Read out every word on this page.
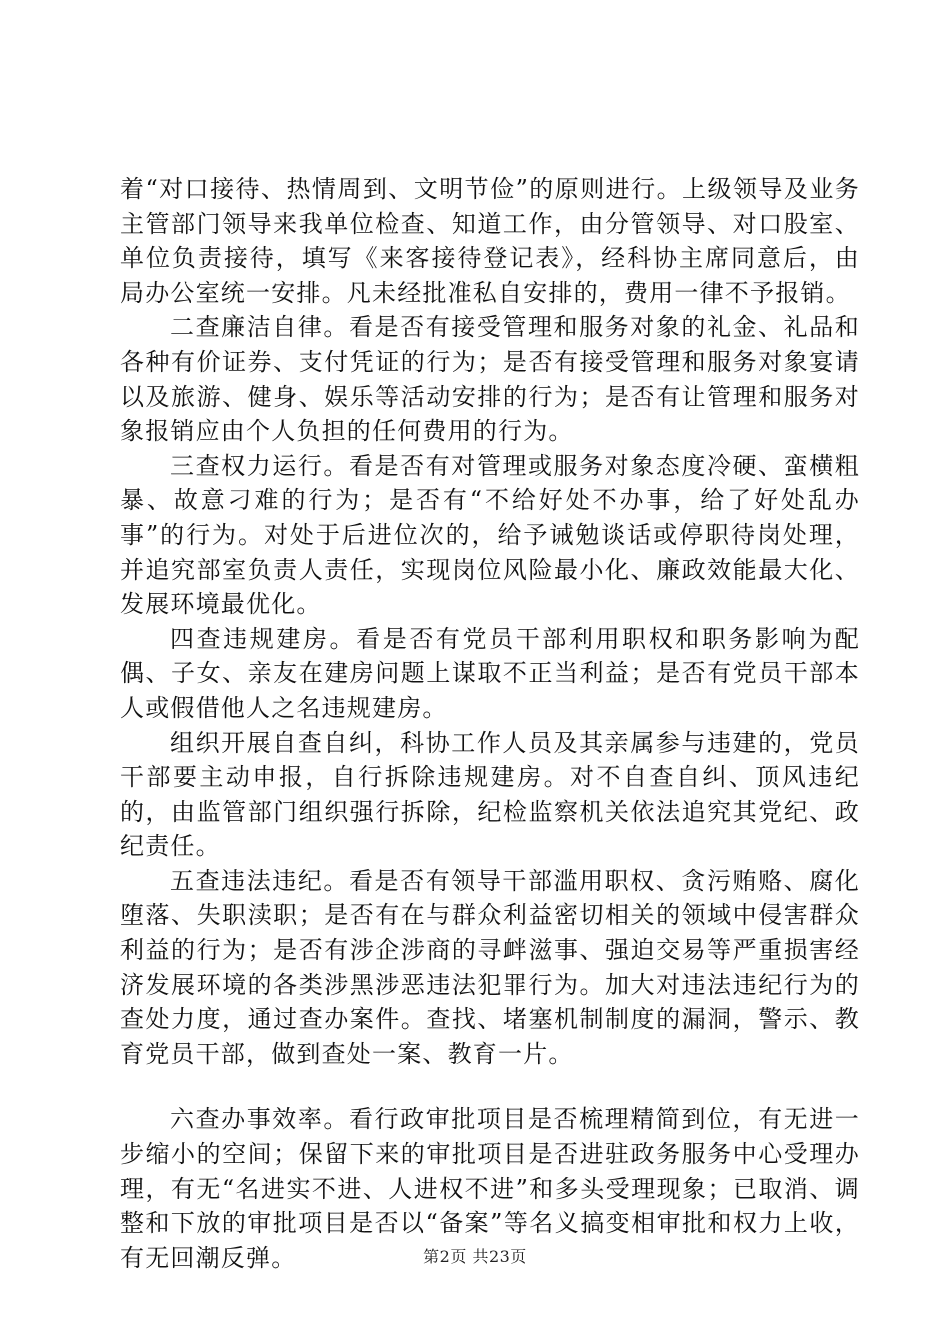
着“对口接待、热情周到、文明节俭”的原则进行。上级领导及业务主管部门领导来我单位检查、知道工作，由分管领导、对口股室、单位负责接待，填写《来客接待登记表》，经科协主席同意后，由局办公室统一安排。凡未经批准私自安排的，费用一律不予报销。

二查廉洁自律。看是否有接受管理和服务对象的礼金、礼品和各种有价证券、支付凭证的行为；是否有接受管理和服务对象宴请以及旅游、健身、娱乐等活动安排的行为；是否有让管理和服务对象报销应由个人负担的任何费用的行为。

三查权力运行。看是否有对管理或服务对象态度冷硬、蛮横粗暴、故意刁难的行为；是否有“不给好处不办事，给了好处乱办事”的行为。对处于后进位次的，给予诫勉谈话或停职待岗处理，并追究部室负责人责任，实现岗位风险最小化、廉政效能最大化、发展环境最优化。

四查违规建房。看是否有党员干部利用职权和职务影响为配偶、子女、亲友在建房问题上谋取不正当利益；是否有党员干部本人或假借他人之名违规建房。

组织开展自查自纠，科协工作人员及其亲属参与违建的，党员干部要主动申报，自行拆除违规建房。对不自查自纠、顶风违纪的，由监管部门组织强行拆除，纪检监察机关依法追究其党纪、政纪责任。

五查违法违纪。看是否有领导干部滥用职权、贪污贿赂、腐化堕落、失职渎职；是否有在与群众利益密切相关的领域中侵害群众利益的行为；是否有涉企涉商的寻衅滋事、强迫交易等严重损害经济发展环境的各类涉黑涉恶违法犯罪行为。加大对违法违纪行为的查处力度，通过查办案件。查找、堵塞机制制度的漏洞，警示、教育党员干部，做到查处一案、教育一片。

六查办事效率。看行政审批项目是否梳理精简到位，有无进一步缩小的空间；保留下来的审批项目是否进驻政务服务中心受理办理，有无“名进实不进、人进权不进”和多头受理现象；已取消、调整和下放的审批项目是否以“备案”等名义搞变相审批和权力上收，有无回潮反弹。	第2页 共23页
